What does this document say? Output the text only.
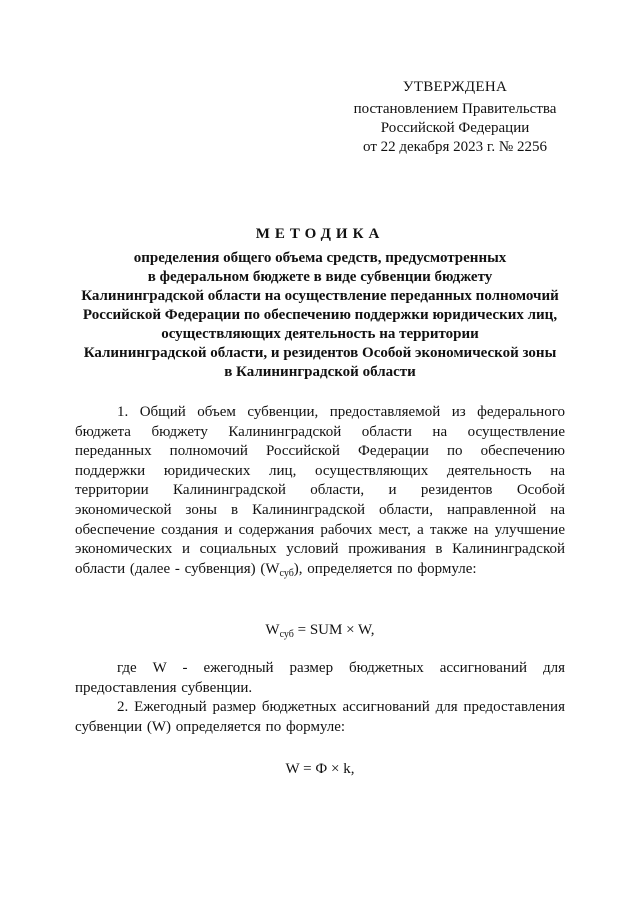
УТВЕРЖДЕНА
постановлением Правительства
Российской Федерации
от 22 декабря 2023 г. № 2256
МЕТОДИКА
определения общего объема средств, предусмотренных
в федеральном бюджете в виде субвенции бюджету
Калининградской области на осуществление переданных полномочий
Российской Федерации по обеспечению поддержки юридических лиц,
осуществляющих деятельность на территории
Калининградской области, и резидентов Особой экономической зоны
в Калининградской области

1. Общий объем субвенции, предоставляемой из федерального бюджета бюджету Калининградской области на осуществление переданных полномочий Российской Федерации по обеспечению поддержки юридических лиц, осуществляющих деятельность на территории Калининградской области, и резидентов Особой экономической зоны в Калининградской области, направленной на обеспечение создания и содержания рабочих мест, а также на улучшение экономических и социальных условий проживания в Калининградской области (далее - субвенция) $(W_{суб})$, определяется по формуле:

$W_{суб}$ = SUM × W,

где W - ежегодный размер бюджетных ассигнований для предоставления субвенции.

2. Ежегодный размер бюджетных ассигнований для предоставления субвенции (W) определяется по формуле:

W = Ф × k,
